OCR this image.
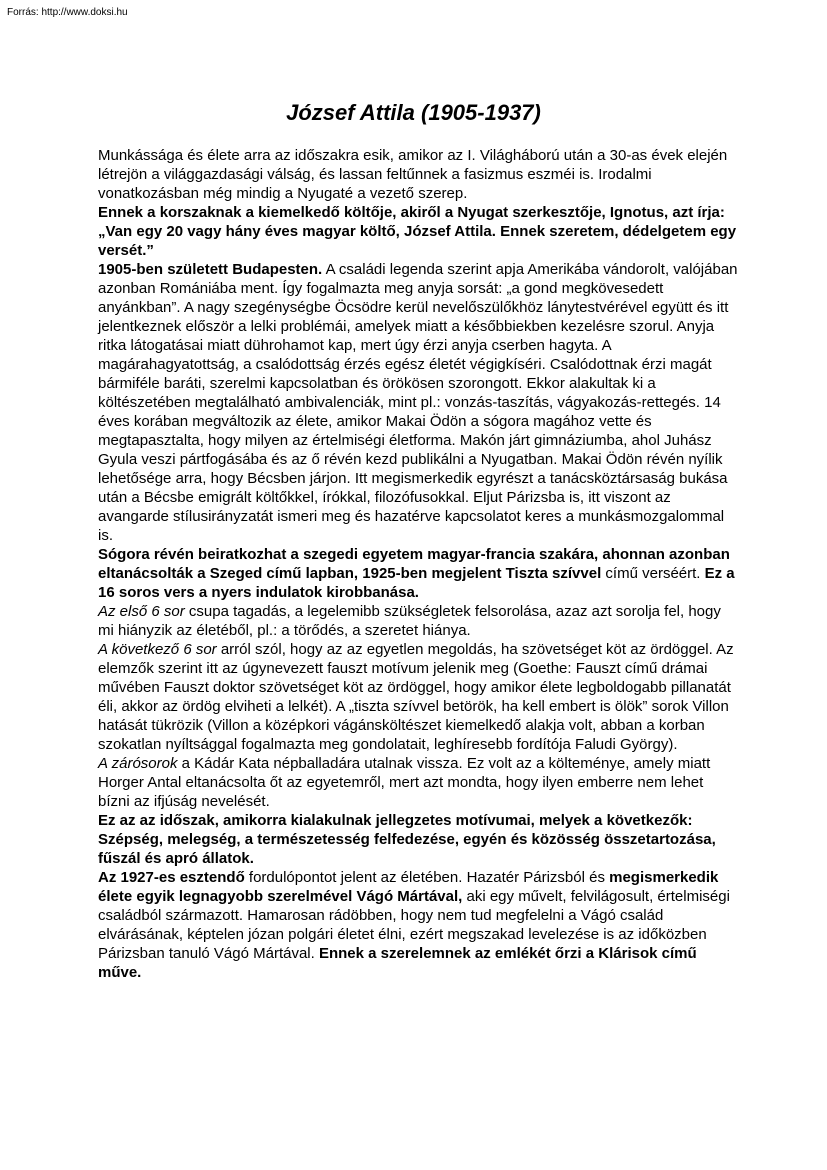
Forrás: http://www.doksi.hu
József Attila (1905-1937)

Munkássága és élete arra az időszakra esik, amikor az I. Világháború után a 30-as évek elején létrejön a világgazdasági válság, és lassan feltűnnek a fasizmus eszméi is. Irodalmi vonatkozásban még mindig a Nyugaté a vezető szerep.

Ennek a korszaknak a kiemelkedő költője, akiről a Nyugat szerkesztője, Ignotus, azt írja: „Van egy 20 vagy hány éves magyar költő, József Attila. Ennek szeretem, dédelgetem egy versét.”

1905-ben született Budapesten. A családi legenda szerint apja Amerikába vándorolt, valójában azonban Romániába ment. Így fogalmazta meg anyja sorsát: „a gond megkövesedett anyánkban”. A nagy szegénységbe Öcsödre kerül nevelőszülőkhöz lánytestvérével együtt és itt jelentkeznek először a lelki problémái, amelyek miatt a későbbiekben kezelésre szorul. Anyja ritka látogatásai miatt dührohamot kap, mert úgy érzi anyja cserben hagyta. A magárahagyatottság, a csalódottság érzés egész életét végigkíséri. Csalódottnak érzi magát bármiféle baráti, szerelmi kapcsolatban és örökösen szorongott. Ekkor alakultak ki a költészetében megtalálható ambivalenciák, mint pl.: vonzás-taszítás, vágyakozás-rettegés. 14 éves korában megváltozik az élete, amikor Makai Ödön a sógora magához vette és megtapasztalta, hogy milyen az értelmiségi életforma. Makón járt gimnáziumba, ahol Juhász Gyula veszi pártfogásába és az ő révén kezd publikálni a Nyugatban. Makai Ödön révén nyílik lehetősége arra, hogy Bécsben járjon. Itt megismerkedik egyrészt a tanácsköztársaság bukása után a Bécsbe emigrált költőkkel, írókkal, filozófusokkal. Eljut Párizsba is, itt viszont az avangarde stílusirányzatát ismeri meg és hazatérve kapcsolatot keres a munkásmozgalommal is.

Sógora révén beiratkozhat a szegedi egyetem magyar-francia szakára, ahonnan azonban eltanácsolták a Szeged című lapban, 1925-ben megjelent Tiszta szívvel című verséért. Ez a 16 soros vers a nyers indulatok kirobbanása.

Az első 6 sor csupa tagadás, a legelemibb szükségletek felsorolása, azaz azt sorolja fel, hogy mi hiányzik az életéből, pl.: a törődés, a szeretet hiánya.

A következő 6 sor arról szól, hogy az az egyetlen megoldás, ha szövetséget köt az ördöggel. Az elemzők szerint itt az úgynevezett fauszt motívum jelenik meg (Goethe: Fauszt című drámai művében Fauszt doktor szövetséget köt az ördöggel, hogy amikor élete legboldogabb pillanatát éli, akkor az ördög elviheti a lelkét). A „tiszta szívvel betörök, ha kell embert is ölök” sorok Villon hatását tükrözik (Villon a középkori vágánsköltészet kiemelkedő alakja volt, abban a korban szokatlan nyíltsággal fogalmazta meg gondolatait, leghíresebb fordítója Faludi György).

A zárósorok a Kádár Kata népballadára utalnak vissza. Ez volt az a költeménye, amely miatt Horger Antal eltanácsolta őt az egyetemről, mert azt mondta, hogy ilyen emberre nem lehet bízni az ifjúság nevelését.

Ez az az időszak, amikorra kialakulnak jellegzetes motívumai, melyek a következők: Szépség, melegség, a természetesség felfedezése, egyén és közösség összetartozása, fűszál és apró állatok.

Az 1927-es esztendő fordulópontot jelent az életében. Hazatér Párizsból és megismerkedik élete egyik legnagyobb szerelmével Vágó Mártával, aki egy művelt, felvilágosult, értelmiségi családból származott. Hamarosan rádöbben, hogy nem tud megfelelni a Vágó család elvárásának, képtelen józan polgári életet élni, ezért megszakad levelezése is az időközben Párizsban tanuló Vágó Mártával. Ennek a szerelemnek az emlékét őrzi a Klárisok című műve.
